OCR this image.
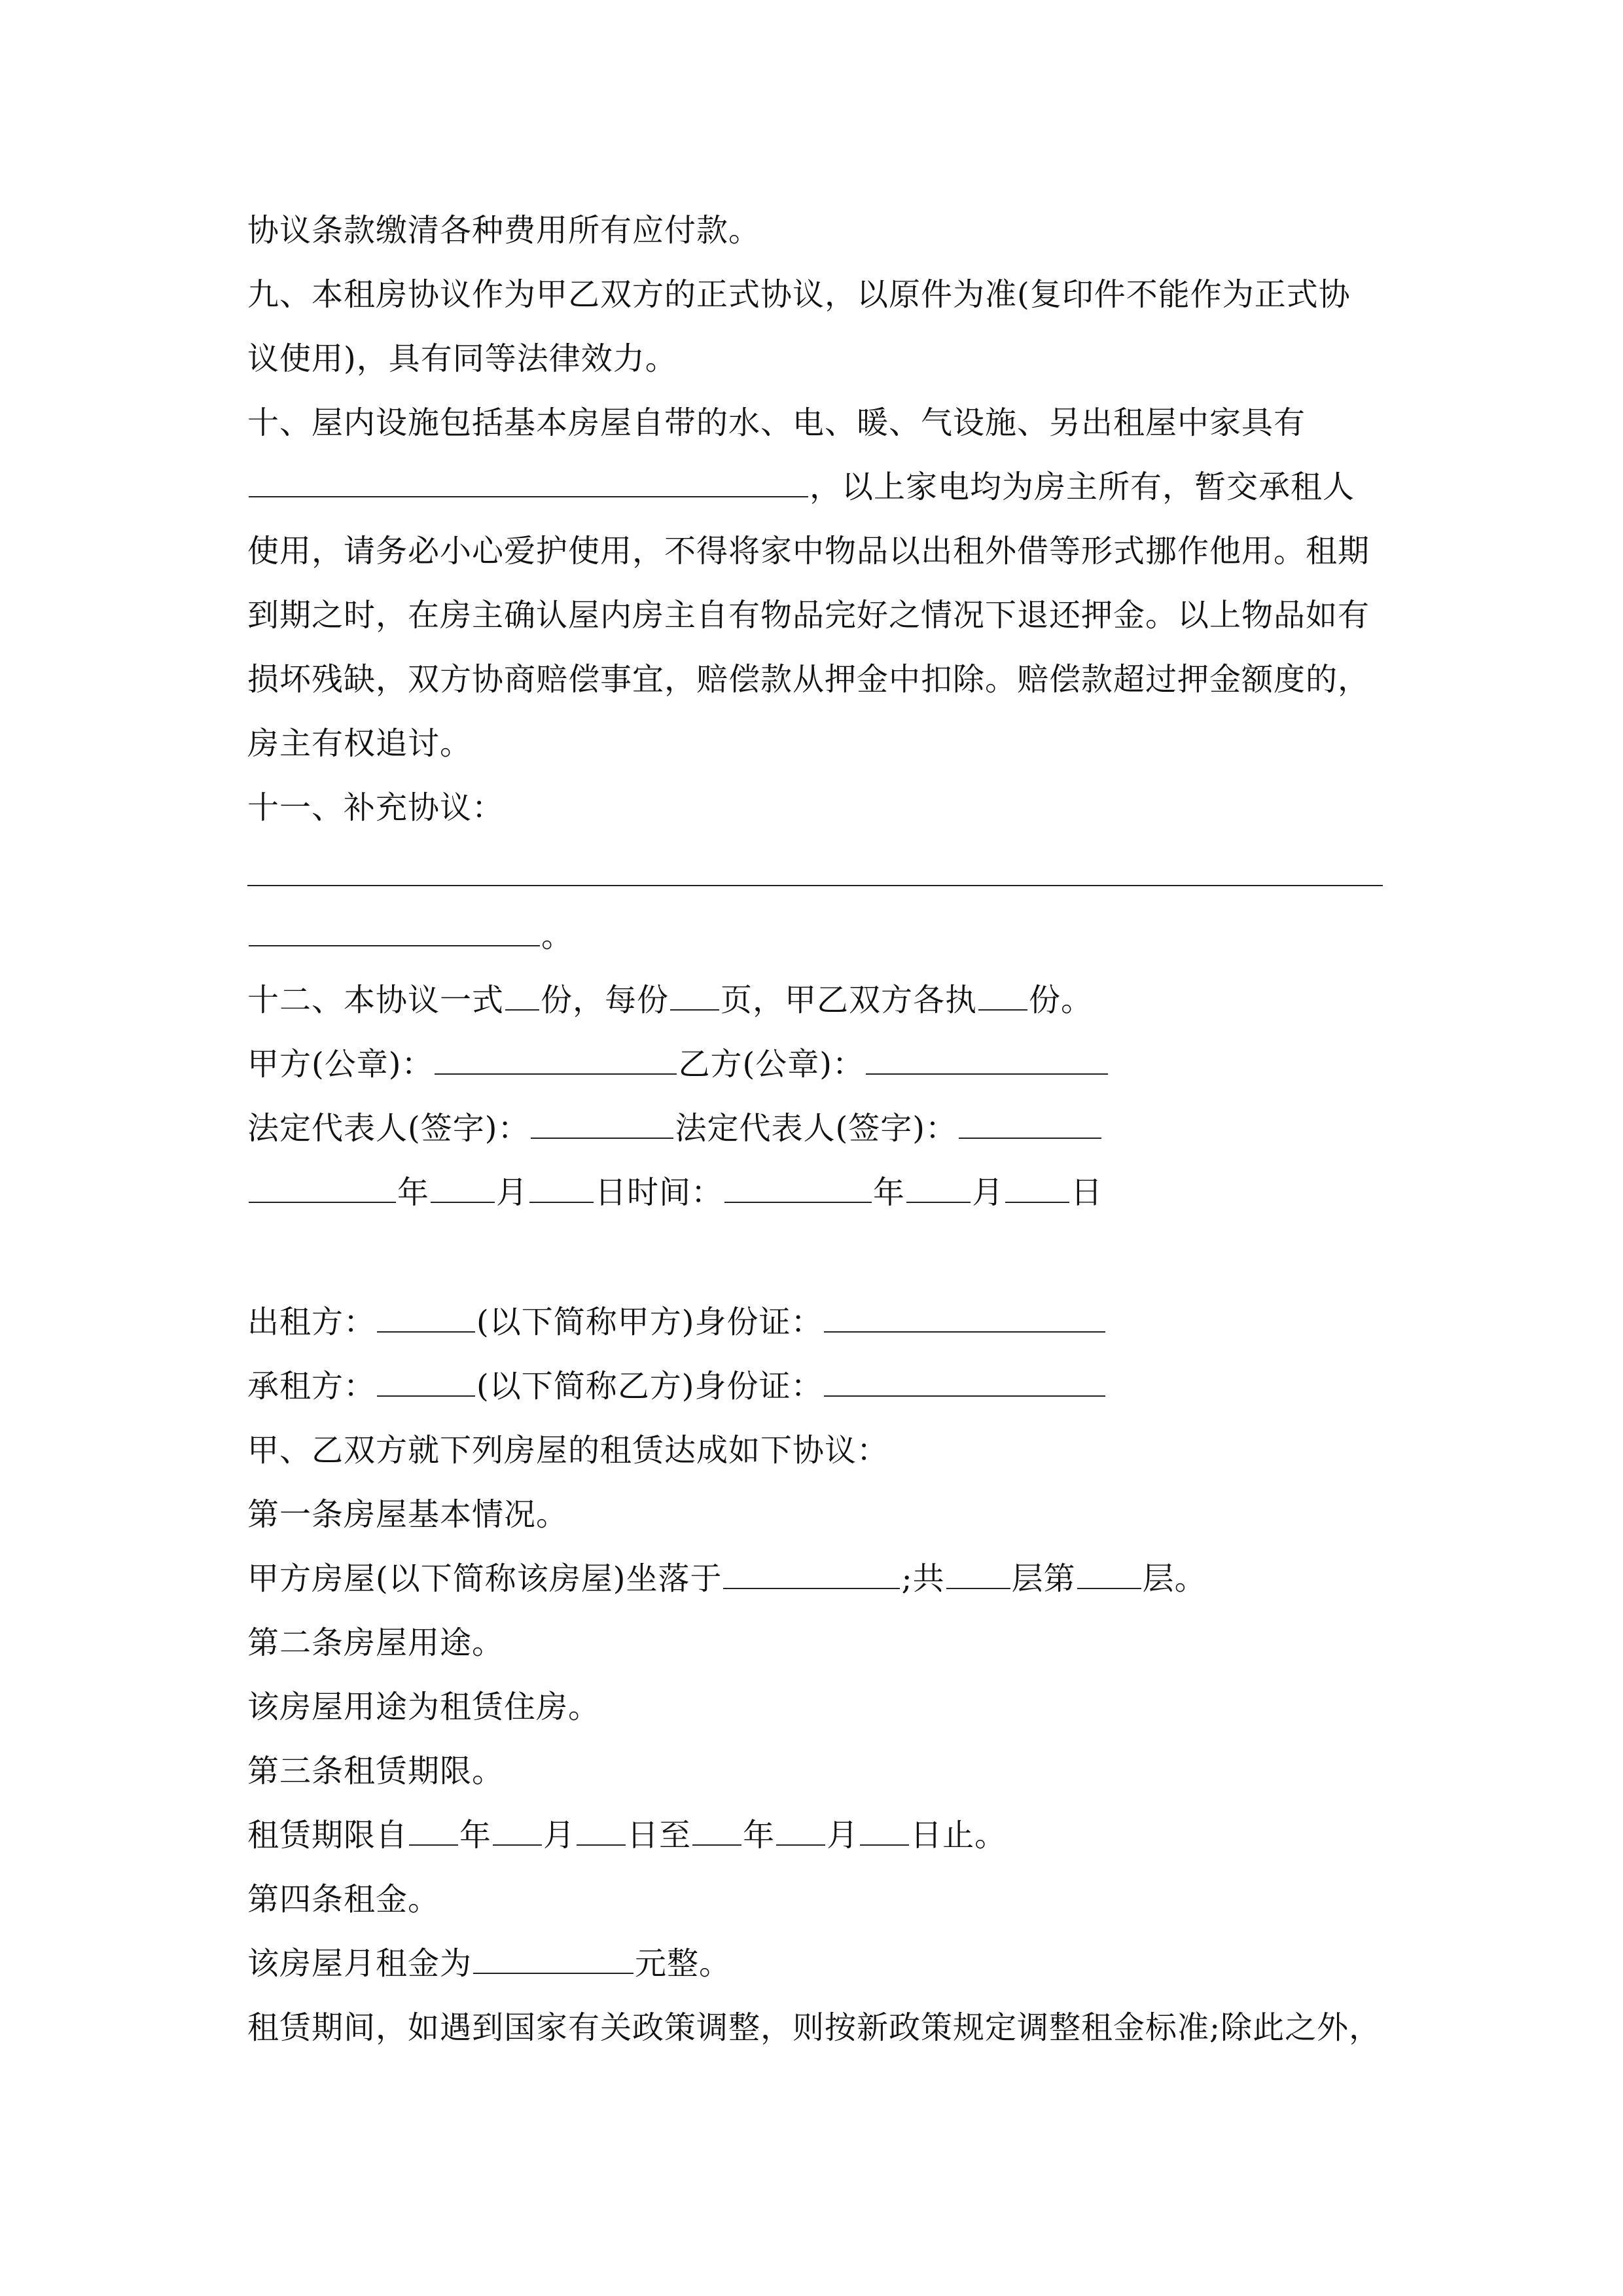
协议条款缴清各种费用所有应付款。
九、本租房协议作为甲乙双方的正式协议，以原件为准(复印件不能作为正式协
议使用)，具有同等法律效力。
十、屋内设施包括基本房屋自带的水、电、暖、气设施、另出租屋中家具有
，以上家电均为房主所有，暂交承租人
使用，请务必小心爱护使用，不得将家中物品以出租外借等形式挪作他用。租期
到期之时，在房主确认屋内房主自有物品完好之情况下退还押金。以上物品如有
损坏残缺，双方协商赔偿事宜，赔偿款从押金中扣除。赔偿款超过押金额度的，
房主有权追讨。
十一、补充协议：
。
十二、本协议一式 份，每份 页，甲乙双方各执 份。
甲方(公章)：	乙方(公章)：
法定代表人(签字)：	法定代表人(签字)：
年 月 日时间：	年 月 日
出租方：	(以下简称甲方)身份证：
承租方：	(以下简称乙方)身份证：
甲、乙双方就下列房屋的租赁达成如下协议：
第一条房屋基本情况。
甲方房屋(以下简称该房屋)坐落于	;共 层第 层。
第二条房屋用途。
该房屋用途为租赁住房。
第三条租赁期限。
租赁期限自 年 月 日至 年 月 日止。
第四条租金。
该房屋月租金为	元整。
租赁期间，如遇到国家有关政策调整，则按新政策规定调整租金标准;除此之外，
